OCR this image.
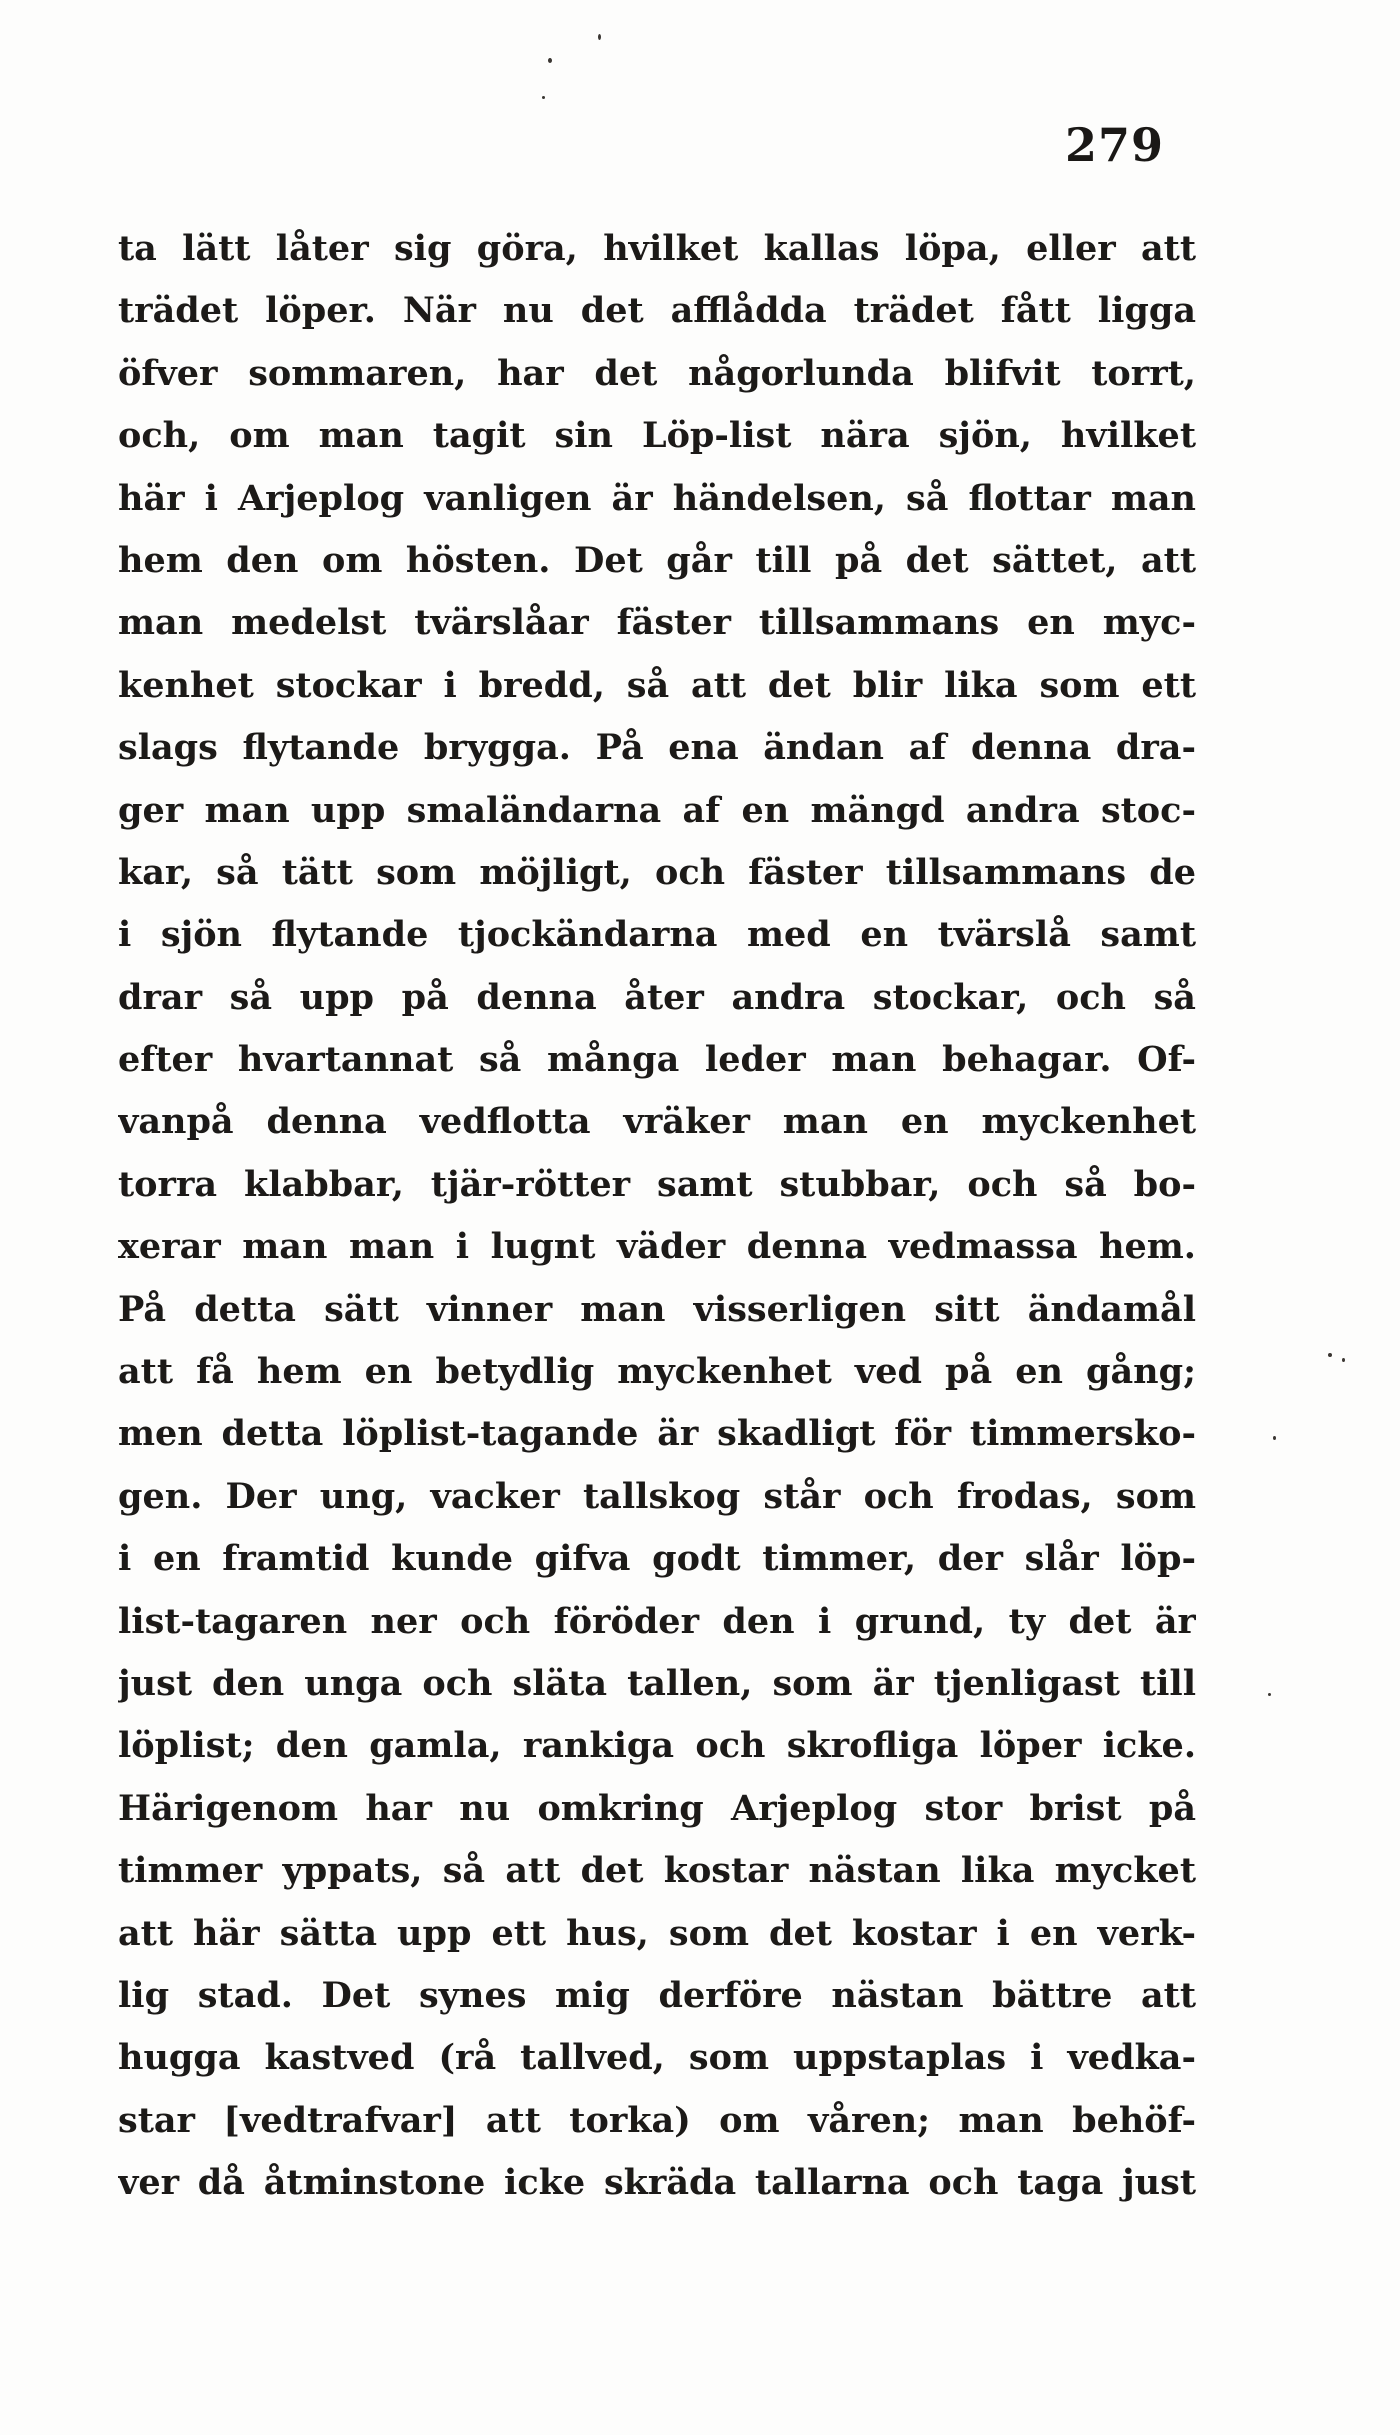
279
ta lätt låter sig göra, hvilket kallas löpa, eller att
trädet löper. När nu det afflådda trädet fått ligga
öfver sommaren, har det någorlunda blifvit torrt,
och, om man tagit sin Löp-list nära sjön, hvilket
här i Arjeplog vanligen är händelsen, så flottar man
hem den om hösten. Det går till på det sättet, att
man medelst tvärslåar fäster tillsammans en myc-
kenhet stockar i bredd, så att det blir lika som ett
slags flytande brygga. På ena ändan af denna dra-
ger man upp smaländarna af en mängd andra stoc-
kar, så tätt som möjligt, och fäster tillsammans de
i sjön flytande tjockändarna med en tvärslå samt
drar så upp på denna åter andra stockar, och så
efter hvartannat så många leder man behagar. Of-
vanpå denna vedflotta vräker man en myckenhet
torra klabbar, tjär-rötter samt stubbar, och så bo-
xerar man man i lugnt väder denna vedmassa hem.
På detta sätt vinner man visserligen sitt ändamål
att få hem en betydlig myckenhet ved på en gång;
men detta löplist-tagande är skadligt för timmersko-
gen. Der ung, vacker tallskog står och frodas, som
i en framtid kunde gifva godt timmer, der slår löp-
list-tagaren ner och föröder den i grund, ty det är
just den unga och släta tallen, som är tjenligast till
löplist; den gamla, rankiga och skrofliga löper icke.
Härigenom har nu omkring Arjeplog stor brist på
timmer yppats, så att det kostar nästan lika mycket
att här sätta upp ett hus, som det kostar i en verk-
lig stad. Det synes mig derföre nästan bättre att
hugga kastved (rå tallved, som uppstaplas i vedka-
star [vedtrafvar] att torka) om våren; man behöf-
ver då åtminstone icke skräda tallarna och taga just
